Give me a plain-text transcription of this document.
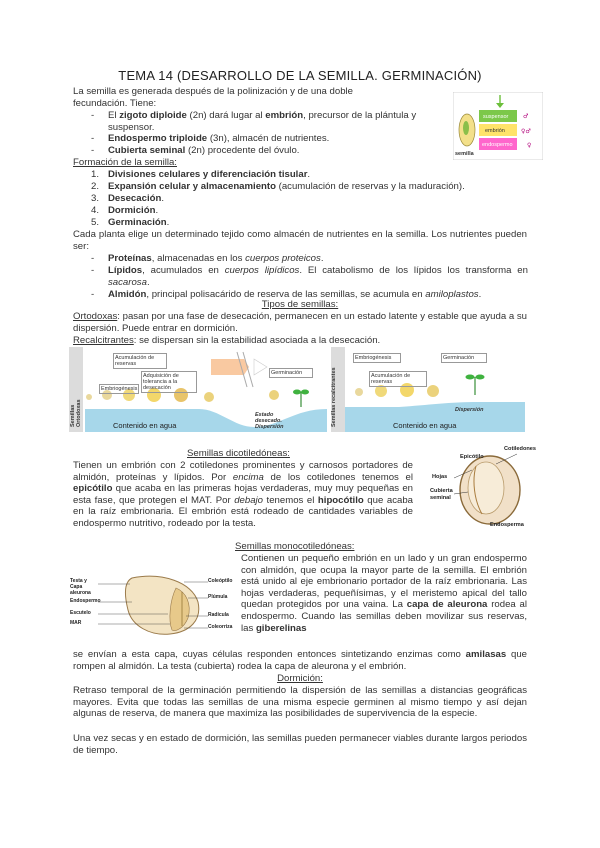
TEMA 14 (DESARROLLO DE LA SEMILLA. GERMINACIÓN)

La semilla es generada después de la polinización y de una doble

fecundación. Tiene:

- El zigoto diploide (2n) dará lugar al embrión, precursor de la plántula y suspensor.

- Endospermo triploide (3n), almacén de nutrientes.

- Cubierta seminal (2n) procedente del óvulo.

♂
♀♂
♀
suspensor
embrión
endospermo
semilla

Formación de la semilla:

1. Divisiones celulares y diferenciación tisular.

2. Expansión celular y almacenamiento (acumulación de reservas y la maduración).

3. Desecación.

4. Dormición.

5. Germinación.

Cada planta elige un determinado tejido como almacén de nutrientes en la semilla. Los nutrientes pueden ser:

- Proteínas, almacenadas en los cuerpos proteicos.

- Lípidos, acumulados en cuerpos lipídicos. El catabolismo de los lípidos los transforma en sacarosa.

- Almidón, principal polisacárido de reserva de las semillas, se acumula en amiloplastos.

Tipos de semillas:

Ortodoxas: pasan por una fase de desecación, permanecen en un estado latente y estable que ayuda a su dispersión. Puede entrar en dormición.

Recalcitrantes: se dispersan sin la estabilidad asociada a la desecación.

Semillas Ortodoxas	Semillas recalcitrantes
Acumulación de reservas
Adquisición de tolerancia a la desecación
Embriogénesis
Germinación
Estado desecado. Dispersión
Contenido en agua
Embriogénesis	Germinación
Acumulación de reservas
Dispersión
Contenido en agua
Semillas dicotiledóneas:

Tienen un embrión con 2 cotiledones prominentes y carnosos portadores de almidón, proteínas y lípidos. Por encima de los cotiledones tenemos el epicótilo que acaba en las primeras hojas verdaderas, muy muy pequeñas en esta fase, que protegen el MAT. Por debajo tenemos el hipocótilo que acaba en la raíz embrionaria. El embrión está rodeado de cantidades variables de endospermo nutritivo, rodeado por la testa.

Epicótilo
Cotiledones
Hojas
Cubierta seminal
Endosperma
Semillas monocotiledóneas:
Testa y Capa aleurona
Endospermo
Escutelo
MAR
Coleóptilo
Plúmula
Radícula
Coleorriza

Contienen un pequeño embrión en un lado y un gran endospermo con almidón, que ocupa la mayor parte de la semilla. El embrión está unido al eje embrionario portador de la raíz embrionaria. Las hojas verdaderas, pequeñísimas, y el meristemo apical del tallo quedan protegidos por una vaina. La capa de aleurona rodea al endospermo. Cuando las semillas deben movilizar sus reservas, las giberelinas

se envían a esta capa, cuyas células responden entonces sintetizando enzimas como amilasas que rompen al almidón. La testa (cubierta) rodea la capa de aleurona y el embrión.

Dormición:

Retraso temporal de la germinación permitiendo la dispersión de las semillas a distancias geográficas mayores. Evita que todas las semillas de una misma especie germinen al mismo tiempo y así dejan algunas de reserva, de manera que maximiza las posibilidades de supervivencia de la especie.

Una vez secas y en estado de dormición, las semillas pueden permanecer viables durante largos periodos de tiempo.
